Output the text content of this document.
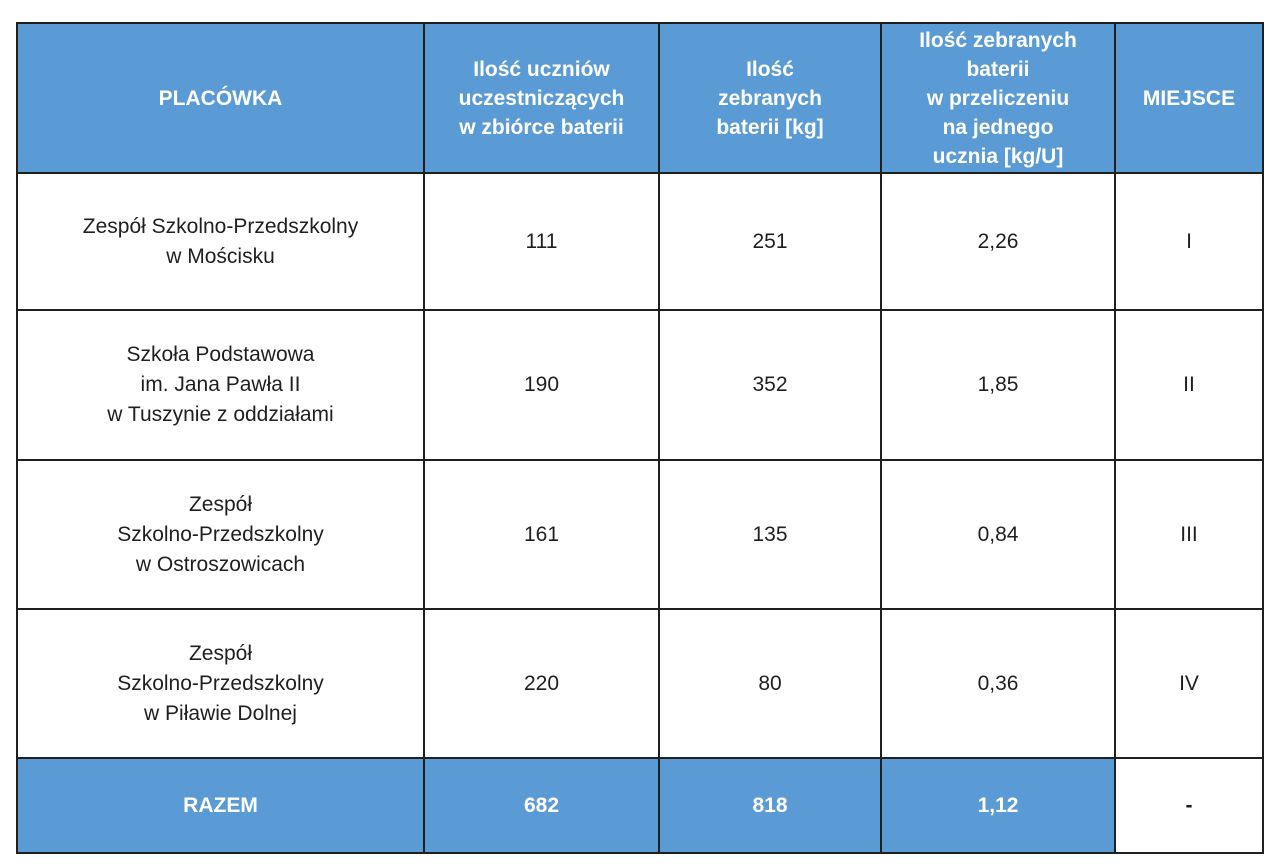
PLACÓWKA	Ilość uczniów
uczestniczących
w zbiórce baterii	Ilość
zebranych
baterii [kg]	Ilość zebranych
baterii
w przeliczeniu
na jednego
ucznia [kg/U]	MIEJSCE
Zespół Szkolno-Przedszkolny
w Mościsku	111	251	2,26	I
Szkoła Podstawowa
im. Jana Pawła II
w Tuszynie z oddziałami	190	352	1,85	II
Zespół
Szkolno-Przedszkolny
w Ostroszowicach	161	135	0,84	III
Zespół
Szkolno-Przedszkolny
w Piławie Dolnej	220	80	0,36	IV
RAZEM	682	818	1,12	-
